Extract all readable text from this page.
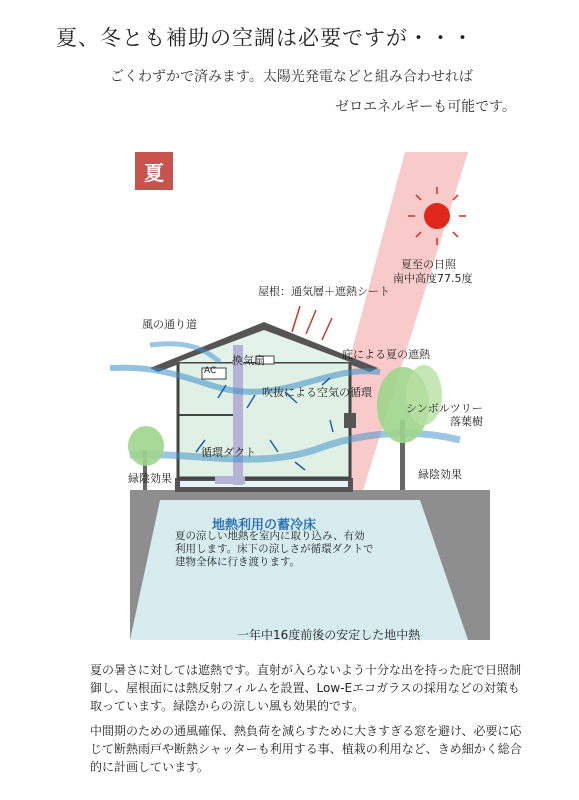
夏、冬とも補助の空調は必要ですが・・・
ごくわずかで済みます。太陽光発電などと組み合わせれば
ゼロエネルギーも可能です。
夏
夏至の日照
南中高度77.5度
屋根：通気層＋遮熱シート
風の通り道
庇による夏の遮熱
換気扇
AC
吹抜による空気の循環
循環ダクト
シンボルツリー
落葉樹
緑陰効果	緑陰効果
地熱利用の蓄冷床
夏の涼しい地熱を室内に取り込み、有効利用します。床下の涼しさが循環ダクトで建物全体に行き渡ります。
一年中16度前後の安定した地中熱
夏の暑さに対しては遮熱です。直射が入らないよう十分な出を持った庇で日照制御し、屋根面には熱反射フィルムを設置、Low-Eエコガラスの採用などの対策も取っています。緑陰からの涼しい風も効果的です。
中間期のための通風確保、熱負荷を減らすために大きすぎる窓を避け、必要に応じて断熱雨戸や断熱シャッターも利用する事、植栽の利用など、きめ細かく総合的に計画しています。
